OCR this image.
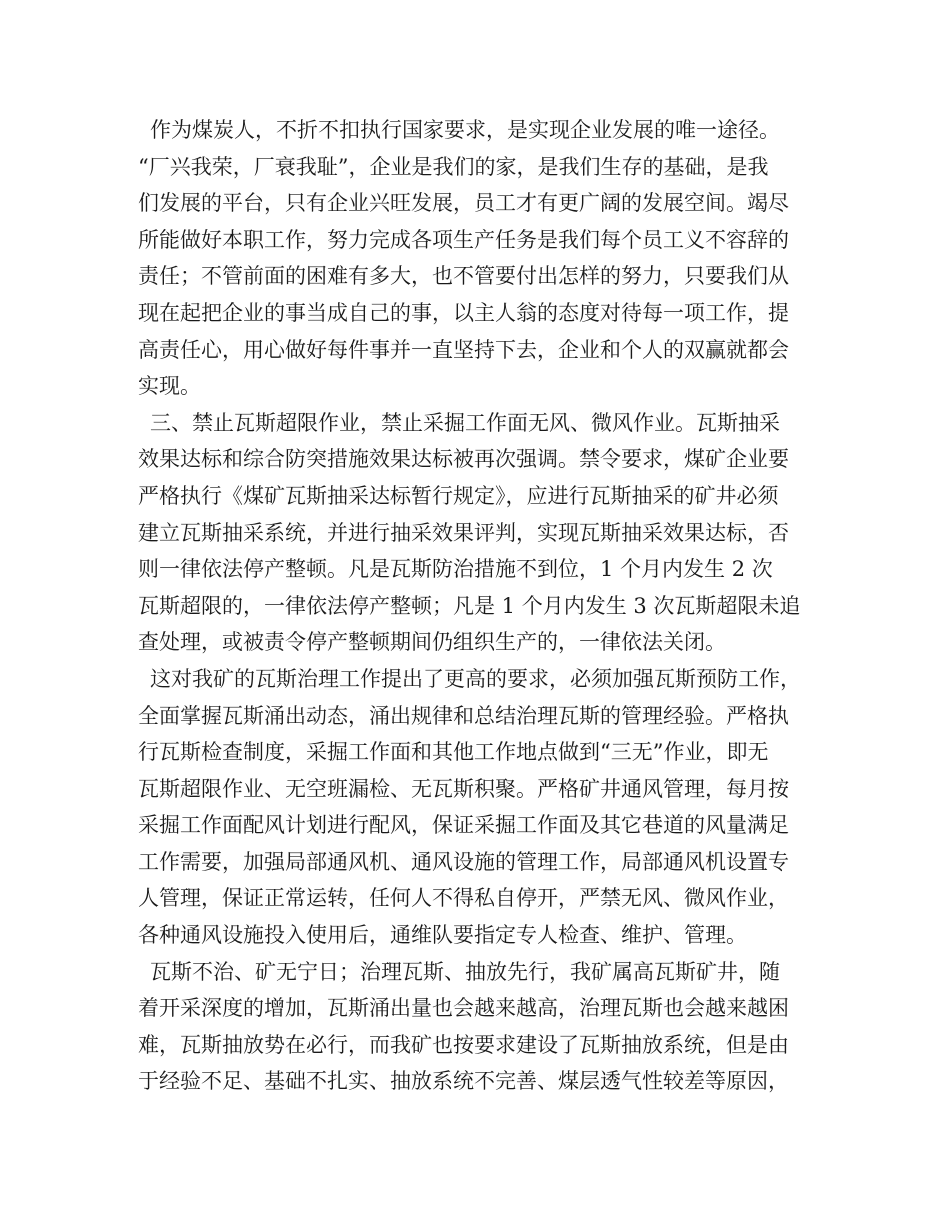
作为煤炭人，不折不扣执行国家要求，是实现企业发展的唯一途径。
“厂兴我荣，厂衰我耻”，企业是我们的家，是我们生存的基础，是我
们发展的平台，只有企业兴旺发展，员工才有更广阔的发展空间。竭尽
所能做好本职工作，努力完成各项生产任务是我们每个员工义不容辞的
责任；不管前面的困难有多大，也不管要付出怎样的努力，只要我们从
现在起把企业的事当成自己的事，以主人翁的态度对待每一项工作，提
高责任心，用心做好每件事并一直坚持下去，企业和个人的双赢就都会
实现。
三、禁止瓦斯超限作业，禁止采掘工作面无风、微风作业。瓦斯抽采
效果达标和综合防突措施效果达标被再次强调。禁令要求，煤矿企业要
严格执行《煤矿瓦斯抽采达标暂行规定》，应进行瓦斯抽采的矿井必须
建立瓦斯抽采系统，并进行抽采效果评判，实现瓦斯抽采效果达标，否
则一律依法停产整顿。凡是瓦斯防治措施不到位，1 个月内发生 2 次
瓦斯超限的，一律依法停产整顿；凡是 1 个月内发生 3 次瓦斯超限未追
查处理，或被责令停产整顿期间仍组织生产的，一律依法关闭。
这对我矿的瓦斯治理工作提出了更高的要求，必须加强瓦斯预防工作，
全面掌握瓦斯涌出动态，涌出规律和总结治理瓦斯的管理经验。严格执
行瓦斯检查制度，采掘工作面和其他工作地点做到“三无”作业，即无
瓦斯超限作业、无空班漏检、无瓦斯积聚。严格矿井通风管理，每月按
采掘工作面配风计划进行配风，保证采掘工作面及其它巷道的风量满足
工作需要，加强局部通风机、通风设施的管理工作，局部通风机设置专
人管理，保证正常运转，任何人不得私自停开，严禁无风、微风作业，
各种通风设施投入使用后，通维队要指定专人检查、维护、管理。
瓦斯不治、矿无宁日；治理瓦斯、抽放先行，我矿属高瓦斯矿井，随
着开采深度的增加，瓦斯涌出量也会越来越高，治理瓦斯也会越来越困
难，瓦斯抽放势在必行，而我矿也按要求建设了瓦斯抽放系统，但是由
于经验不足、基础不扎实、抽放系统不完善、煤层透气性较差等原因，
